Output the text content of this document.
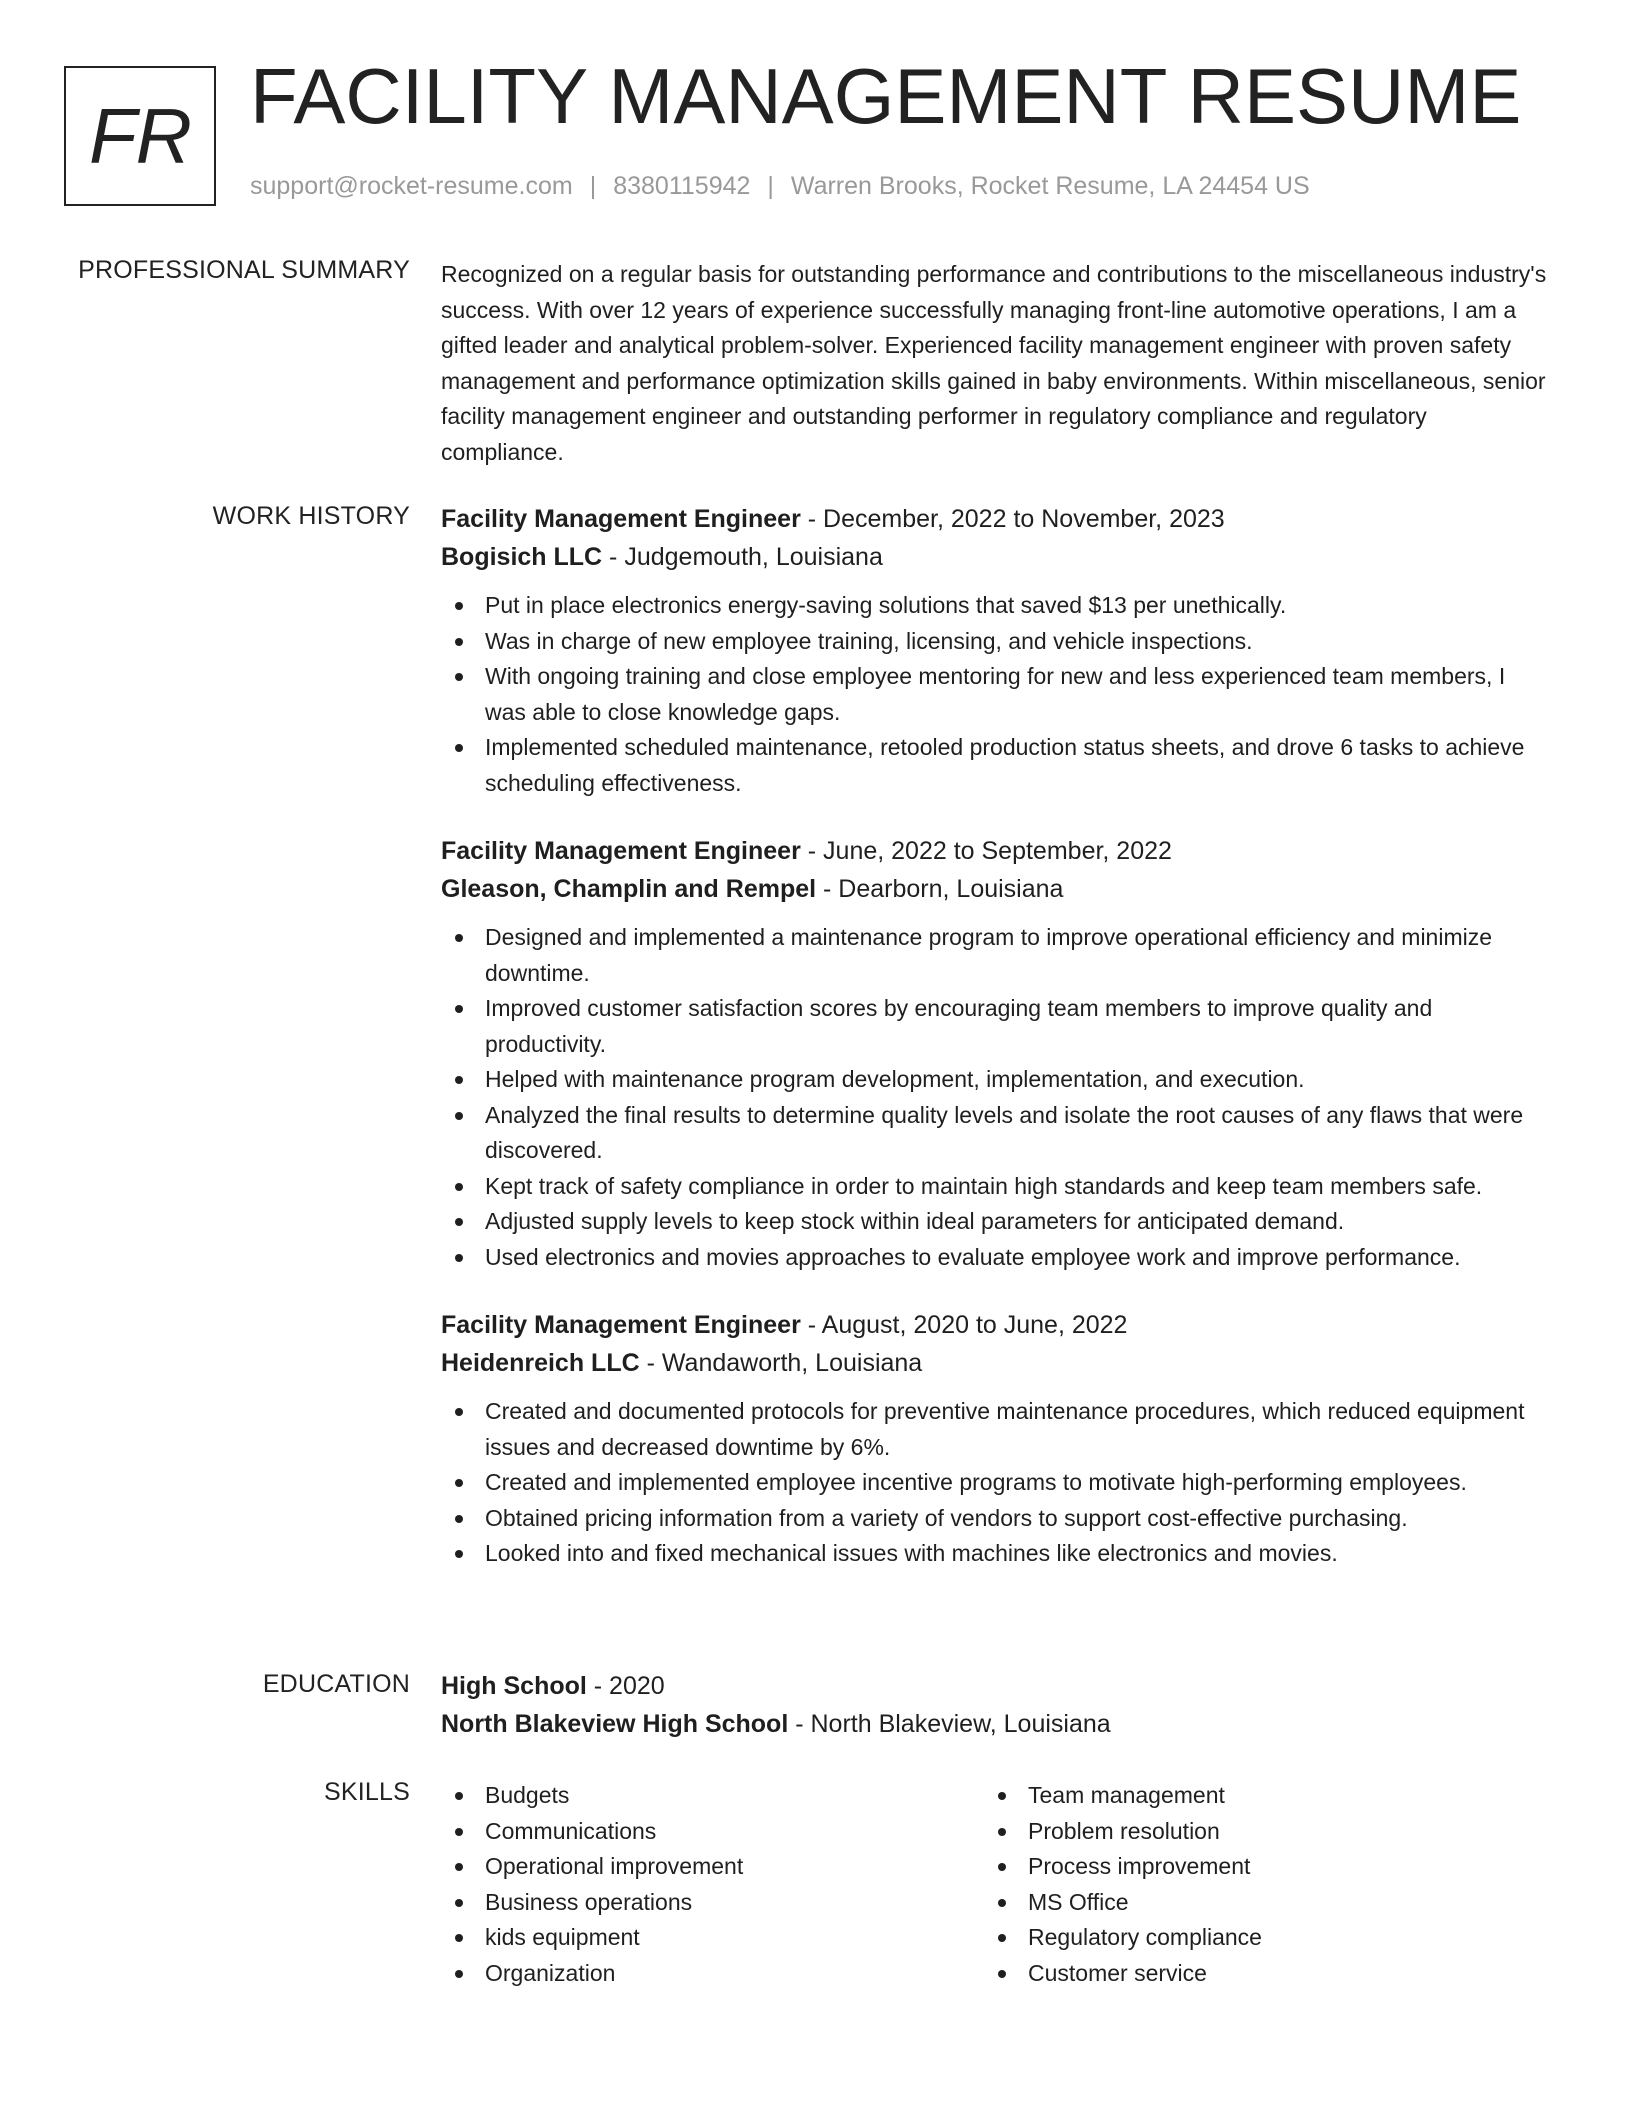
FR FACILITY MANAGEMENT RESUME
support@rocket-resume.com | 8380115942 | Warren Brooks, Rocket Resume, LA 24454 US
PROFESSIONAL SUMMARY Recognized on a regular basis for outstanding performance and contributions to the miscellaneous industry's success. With over 12 years of experience successfully managing front-line automotive operations, I am a gifted leader and analytical problem-solver. Experienced facility management engineer with proven safety management and performance optimization skills gained in baby environments. Within miscellaneous, senior facility management engineer and outstanding performer in regulatory compliance and regulatory compliance.

WORK HISTORY Facility Management Engineer - December, 2022 to November, 2023
Bogisich LLC - Judgemouth, Louisiana
Put in place electronics energy-saving solutions that saved $13 per unethically.
Was in charge of new employee training, licensing, and vehicle inspections.
With ongoing training and close employee mentoring for new and less experienced team members, I was able to close knowledge gaps.
Implemented scheduled maintenance, retooled production status sheets, and drove 6 tasks to achieve scheduling effectiveness.
Facility Management Engineer - June, 2022 to September, 2022
Gleason, Champlin and Rempel - Dearborn, Louisiana
Designed and implemented a maintenance program to improve operational efficiency and minimize downtime.
Improved customer satisfaction scores by encouraging team members to improve quality and productivity.
Helped with maintenance program development, implementation, and execution.
Analyzed the final results to determine quality levels and isolate the root causes of any flaws that were discovered.
Kept track of safety compliance in order to maintain high standards and keep team members safe.
Adjusted supply levels to keep stock within ideal parameters for anticipated demand.
Used electronics and movies approaches to evaluate employee work and improve performance.
Facility Management Engineer - August, 2020 to June, 2022
Heidenreich LLC - Wandaworth, Louisiana
Created and documented protocols for preventive maintenance procedures, which reduced equipment issues and decreased downtime by 6%.
Created and implemented employee incentive programs to motivate high-performing employees.
Obtained pricing information from a variety of vendors to support cost-effective purchasing.
Looked into and fixed mechanical issues with machines like electronics and movies.
EDUCATION High School - 2020
North Blakeview High School - North Blakeview, Louisiana
SKILLS	Budgets
Communications
Operational improvement
Business operations
kids equipment
Organization
Team management
Problem resolution
Process improvement
MS Office
Regulatory compliance
Customer service
